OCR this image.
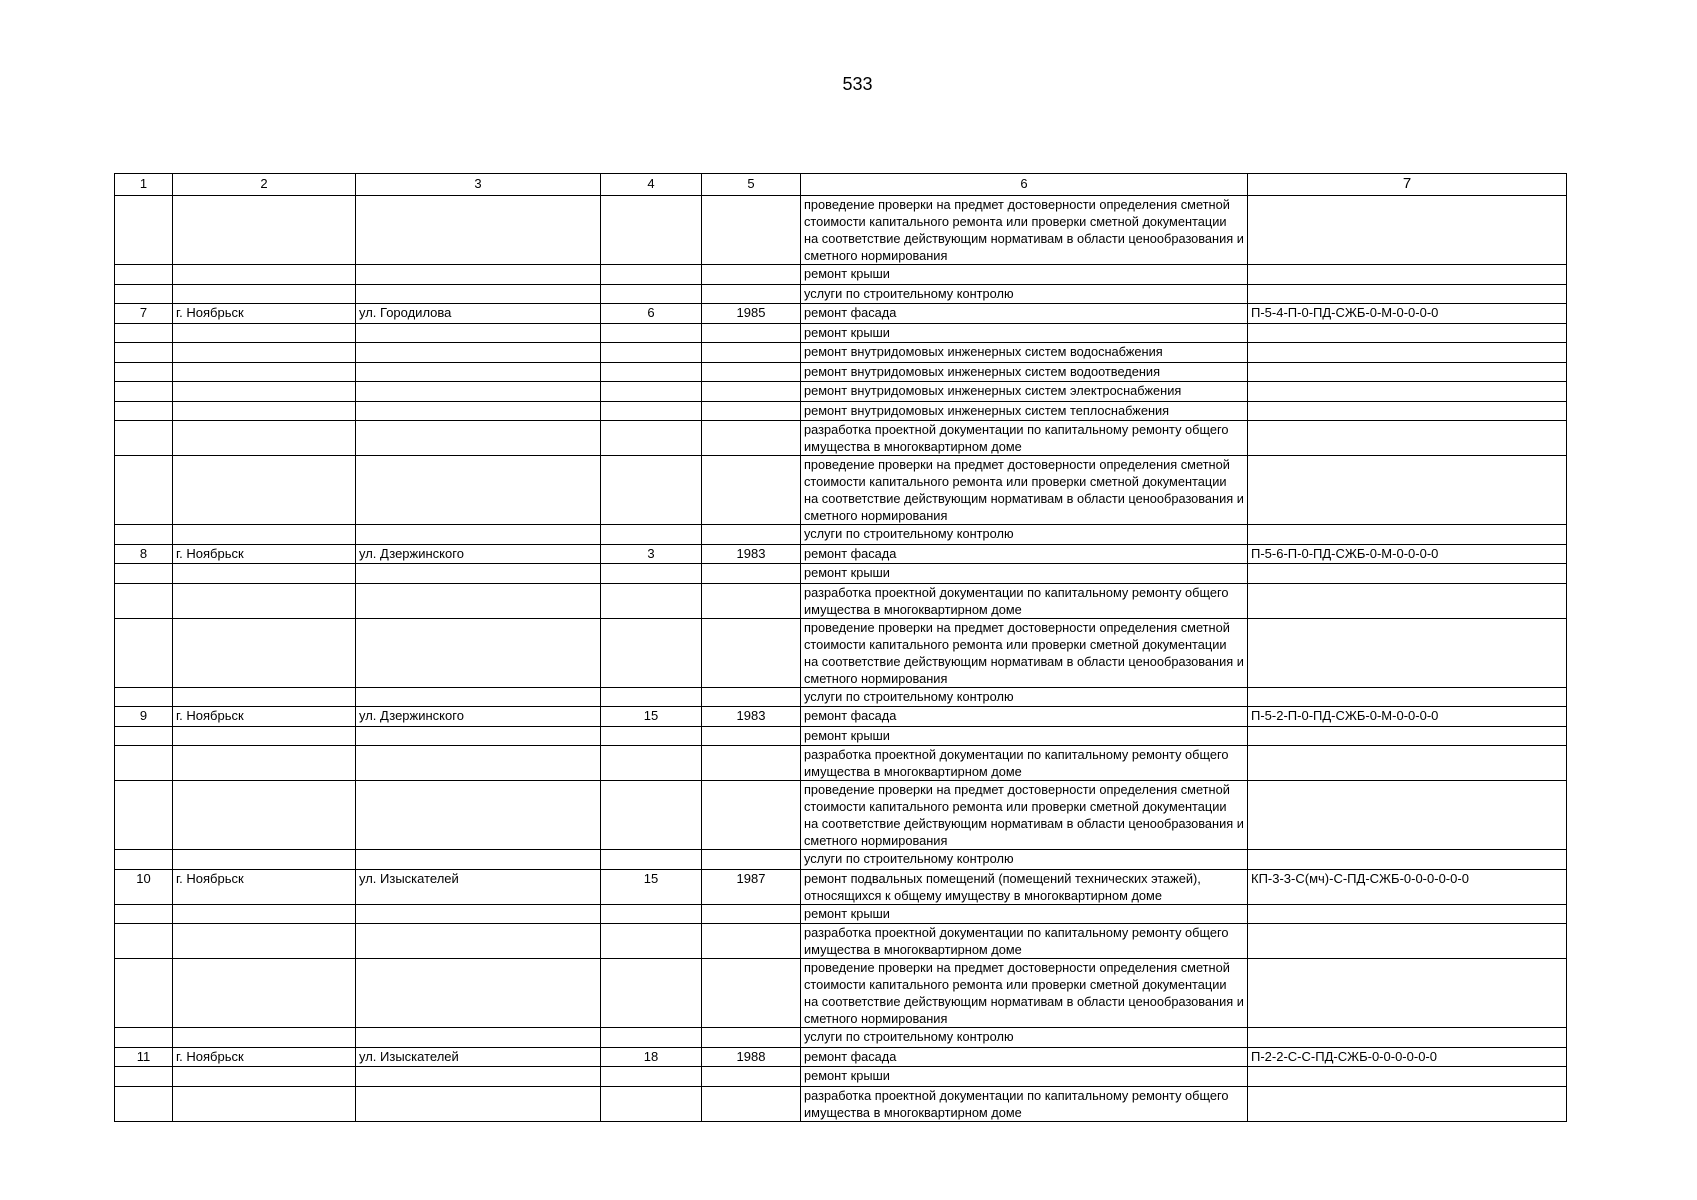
533
1	2	3	4	5	6	7
					проведение проверки на предмет достоверности определения сметной стоимости капитального ремонта или проверки сметной документации на соответствие действующим нормативам в области ценообразования и сметного нормирования	
					ремонт крыши	
					услуги по строительному контролю	
7	г. Ноябрьск	ул. Городилова	6	1985	ремонт фасада	П-5-4-П-0-ПД-СЖБ-0-М-0-0-0-0
					ремонт крыши	
					ремонт внутридомовых инженерных систем водоснабжения	
					ремонт внутридомовых инженерных систем водоотведения	
					ремонт внутридомовых инженерных систем электроснабжения	
					ремонт внутридомовых инженерных систем теплоснабжения	
					разработка проектной документации по капитальному ремонту общего имущества в многоквартирном доме	
					проведение проверки на предмет достоверности определения сметной стоимости капитального ремонта или проверки сметной документации на соответствие действующим нормативам в области ценообразования и сметного нормирования	
					услуги по строительному контролю	
8	г. Ноябрьск	ул. Дзержинского	3	1983	ремонт фасада	П-5-6-П-0-ПД-СЖБ-0-М-0-0-0-0
					ремонт крыши	
					разработка проектной документации по капитальному ремонту общего имущества в многоквартирном доме	
					проведение проверки на предмет достоверности определения сметной стоимости капитального ремонта или проверки сметной документации на соответствие действующим нормативам в области ценообразования и сметного нормирования	
					услуги по строительному контролю	
9	г. Ноябрьск	ул. Дзержинского	15	1983	ремонт фасада	П-5-2-П-0-ПД-СЖБ-0-М-0-0-0-0
					ремонт крыши	
					разработка проектной документации по капитальному ремонту общего имущества в многоквартирном доме	
					проведение проверки на предмет достоверности определения сметной стоимости капитального ремонта или проверки сметной документации на соответствие действующим нормативам в области ценообразования и сметного нормирования	
					услуги по строительному контролю	
10	г. Ноябрьск	ул. Изыскателей	15	1987	ремонт подвальных помещений (помещений технических этажей), относящихся к общему имуществу в многоквартирном доме	КП-3-3-С(мч)-С-ПД-СЖБ-0-0-0-0-0-0
					ремонт крыши	
					разработка проектной документации по капитальному ремонту общего имущества в многоквартирном доме	
					проведение проверки на предмет достоверности определения сметной стоимости капитального ремонта или проверки сметной документации на соответствие действующим нормативам в области ценообразования и сметного нормирования	
					услуги по строительному контролю	
11	г. Ноябрьск	ул. Изыскателей	18	1988	ремонт фасада	П-2-2-С-С-ПД-СЖБ-0-0-0-0-0-0
					ремонт крыши	
					разработка проектной документации по капитальному ремонту общего имущества в многоквартирном доме	
